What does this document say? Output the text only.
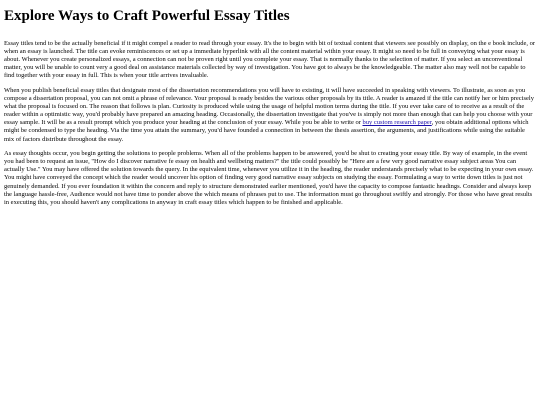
Explore Ways to Craft Powerful Essay Titles

Essay titles tend to be the actually beneficial if it might compel a reader to read through your essay. It's the to begin with bit of textual content that viewers see possibly on display, on the e book include, or when an essay is launched. The title can evoke reminiscences or set up a immediate hyperlink with all the content material within your essay. It might so need to be full in conveying what your essay is about. Whenever you create personalized essays, a connection can not be proven right until you complete your essay. That is normally thanks to the selection of matter. If you select an unconventional matter, you will be unable to count very a good deal on assistance materials collected by way of investigation. You have got to always be the knowledgeable. The matter also may well not be capable to find together with your essay in full. This is when your title arrives invaluable.

When you publish beneficial essay titles that designate most of the dissertation recommendations you will have to existing, it will have succeeded in speaking with viewers. To illustrate, as soon as you compose a dissertation proposal, you can not omit a phrase of relevance. Your proposal is ready besides the various other proposals by its title. A reader is amazed if the title can notify her or him precisely what the proposal is focused on. The reason that follows is plan. Curiosity is produced while using the usage of helpful motion terms during the title. If you ever take care of to receive as a result of the reader within a optimistic way, you'd probably have prepared an amazing heading. Occasionally, the dissertation investigate that you've is simply not more than enough that can help you choose with your essay sample. It will be as a result prompt which you produce your heading at the conclusion of your essay. While you be able to write or buy custom research paper, you obtain additional options which might be condensed to type the heading. Via the time you attain the summary, you'd have founded a connection in between the thesis assertion, the arguments, and justifications while using the suitable mix of factors distribute throughout the essay.

As essay thoughts occur, you begin getting the solutions to people problems. When all of the problems happen to be answered, you'd be shut to creating your essay title. By way of example, in the event you had been to request an issue, "How do I discover narrative fe essay on health and wellbeing matters?" the title could possibly be "Here are a few very good narrative essay subject areas You can actually Use." You may have offered the solution towards the query. In the equivalent time, whenever you utilize it in the heading, the reader understands precisely what to be expecting in your own essay. You might have conveyed the concept which the reader would uncover his option of finding very good narrative essay subjects on studying the essay. Formulating a way to write down titles is just not genuinely demanded. If you ever foundation it within the concern and reply to structure demonstrated earlier mentioned, you'd have the capacity to compose fantastic headings. Consider and always keep the language hassle-free, Audience would not have time to ponder above the which means of phrases put to use. The information must go throughout swiftly and strongly. For those who have great results in executing this, you should haven't any complications in anyway in craft essay titles which happen to be finished and applicable.
